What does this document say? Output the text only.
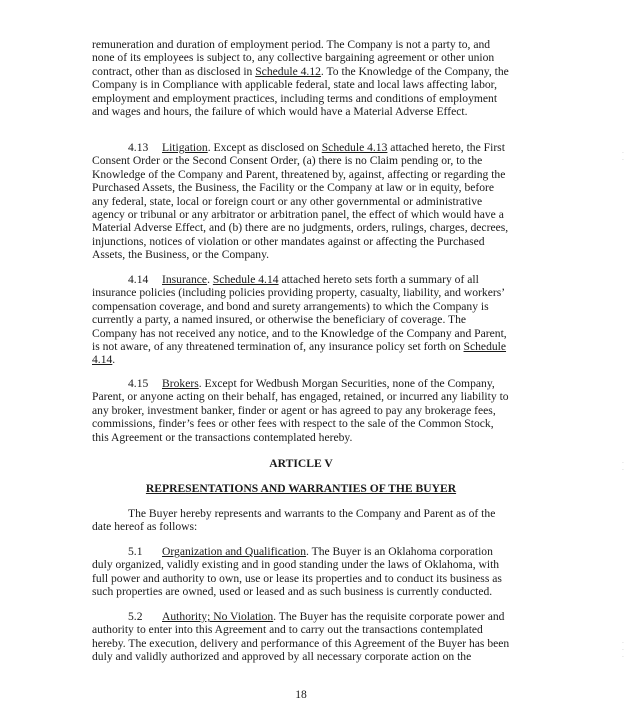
remuneration and duration of employment period. The Company is not a party to, and none of its employees is subject to, any collective bargaining agreement or other union contract, other than as disclosed in Schedule 4.12. To the Knowledge of the Company, the Company is in Compliance with applicable federal, state and local laws affecting labor, employment and employment practices, including terms and conditions of employment and wages and hours, the failure of which would have a Material Adverse Effect.
4.13 Litigation. Except as disclosed on Schedule 4.13 attached hereto, the First Consent Order or the Second Consent Order, (a) there is no Claim pending or, to the Knowledge of the Company and Parent, threatened by, against, affecting or regarding the Purchased Assets, the Business, the Facility or the Company at law or in equity, before any federal, state, local or foreign court or any other governmental or administrative agency or tribunal or any arbitrator or arbitration panel, the effect of which would have a Material Adverse Effect, and (b) there are no judgments, orders, rulings, charges, decrees, injunctions, notices of violation or other mandates against or affecting the Purchased Assets, the Business, or the Company.
4.14 Insurance. Schedule 4.14 attached hereto sets forth a summary of all insurance policies (including policies providing property, casualty, liability, and workers’ compensation coverage, and bond and surety arrangements) to which the Company is currently a party, a named insured, or otherwise the beneficiary of coverage. The Company has not received any notice, and to the Knowledge of the Company and Parent, is not aware, of any threatened termination of, any insurance policy set forth on Schedule 4.14.
4.15 Brokers. Except for Wedbush Morgan Securities, none of the Company, Parent, or anyone acting on their behalf, has engaged, retained, or incurred any liability to any broker, investment banker, finder or agent or has agreed to pay any brokerage fees, commissions, finder’s fees or other fees with respect to the sale of the Common Stock, this Agreement or the transactions contemplated hereby.
ARTICLE V
REPRESENTATIONS AND WARRANTIES OF THE BUYER
The Buyer hereby represents and warrants to the Company and Parent as of the date hereof as follows:
5.1 Organization and Qualification. The Buyer is an Oklahoma corporation duly organized, validly existing and in good standing under the laws of Oklahoma, with full power and authority to own, use or lease its properties and to conduct its business as such properties are owned, used or leased and as such business is currently conducted.
5.2 Authority; No Violation. The Buyer has the requisite corporate power and authority to enter into this Agreement and to carry out the transactions contemplated hereby. The execution, delivery and performance of this Agreement of the Buyer has been duly and validly authorized and approved by all necessary corporate action on the
18
·
·
·
·
·
·
·
